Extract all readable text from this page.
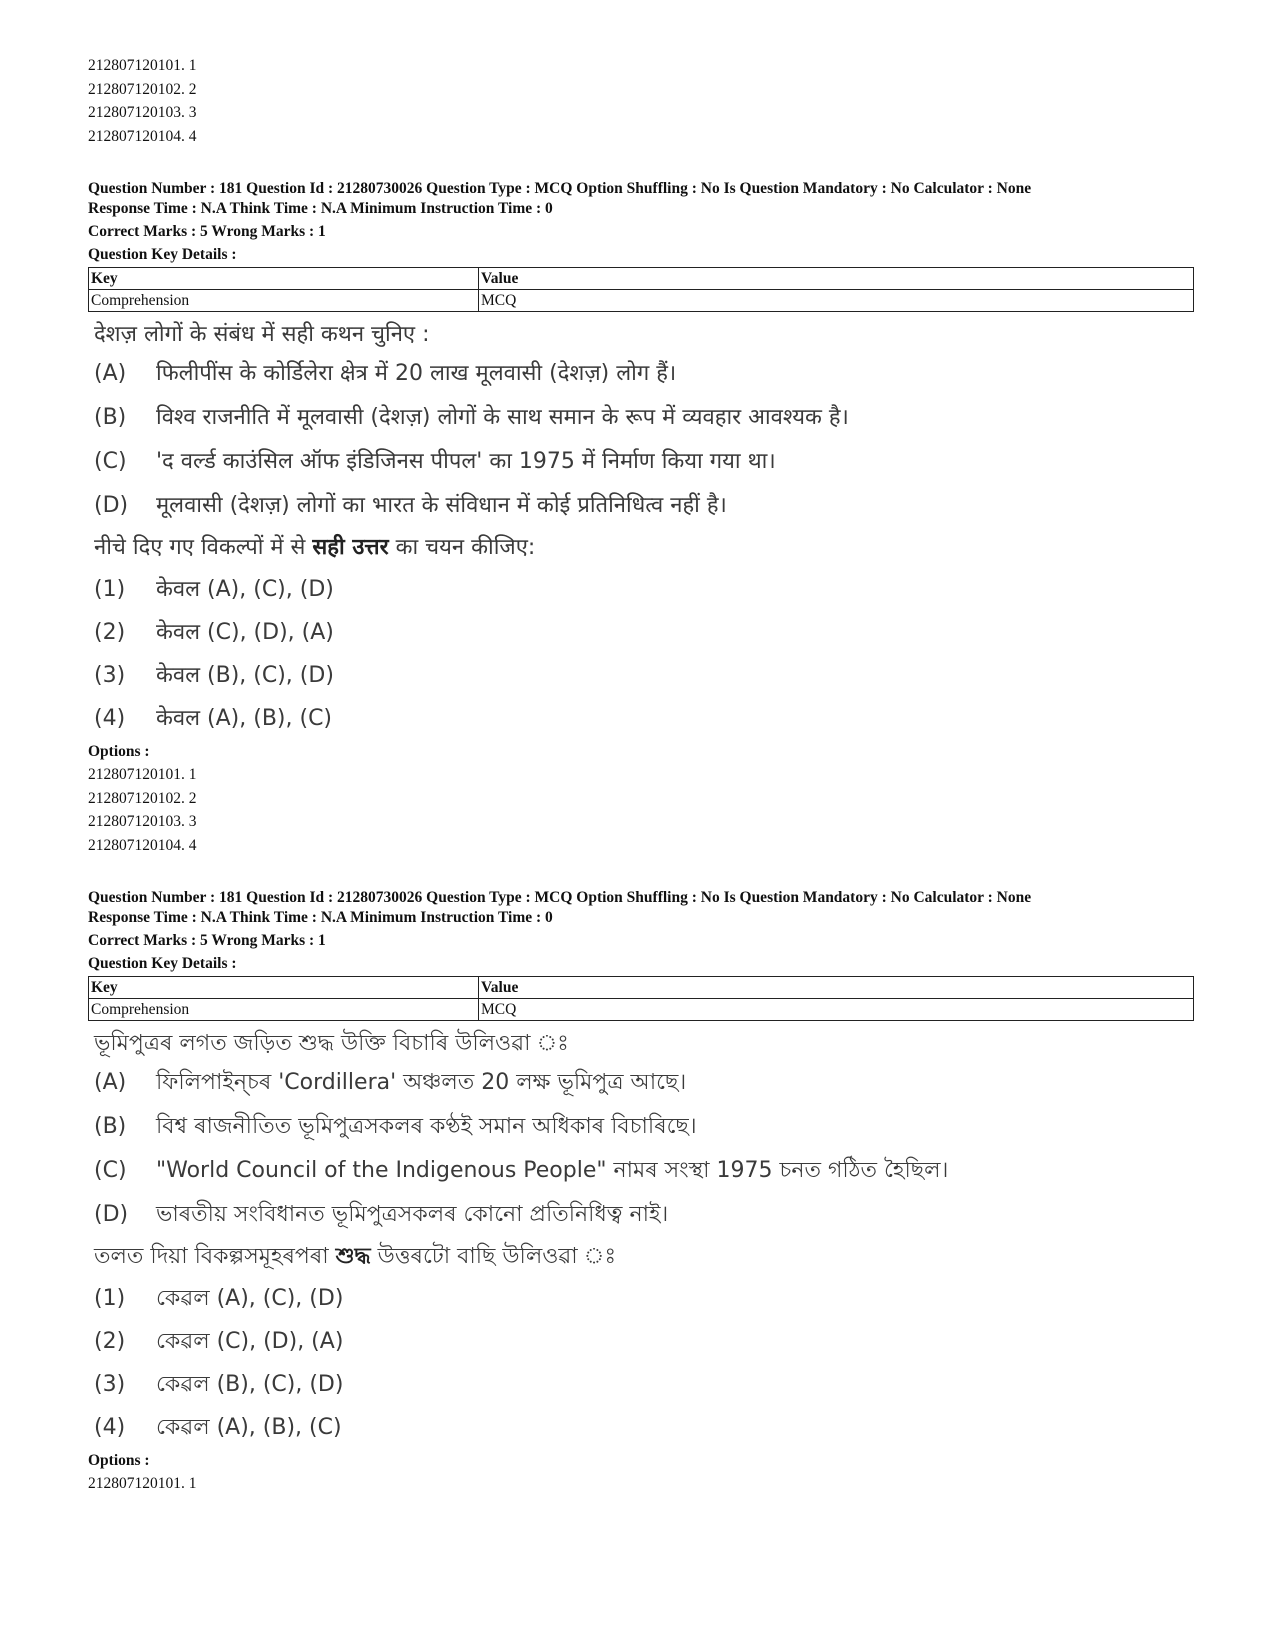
212807120101. 1
212807120102. 2
212807120103. 3
212807120104. 4
Question Number : 181 Question Id : 21280730026 Question Type : MCQ Option Shuffling : No Is Question Mandatory : No Calculator : None
Response Time : N.A Think Time : N.A Minimum Instruction Time : 0
Correct Marks : 5 Wrong Marks : 1
Question Key Details :
Key	Value
Comprehension	MCQ
देशज़ लोगों के संबंध में सही कथन चुनिए :
(A) फिलीपींस के कोर्डिलेरा क्षेत्र में 20 लाख मूलवासी (देशज़) लोग हैं।
(B) विश्व राजनीति में मूलवासी (देशज़) लोगों के साथ समान के रूप में व्यवहार आवश्यक है।
(C) 'द वर्ल्ड काउंसिल ऑफ इंडिजिनस पीपल' का 1975 में निर्माण किया गया था।
(D) मूलवासी (देशज़) लोगों का भारत के संविधान में कोई प्रतिनिधित्व नहीं है।
नीचे दिए गए विकल्पों में से सही उत्तर का चयन कीजिए:
(1) केवल (A), (C), (D)
(2) केवल (C), (D), (A)
(3) केवल (B), (C), (D)
(4) केवल (A), (B), (C)
Options :
212807120101. 1
212807120102. 2
212807120103. 3
212807120104. 4
Question Number : 181 Question Id : 21280730026 Question Type : MCQ Option Shuffling : No Is Question Mandatory : No Calculator : None
Response Time : N.A Think Time : N.A Minimum Instruction Time : 0
Correct Marks : 5 Wrong Marks : 1
Question Key Details :
Key	Value
Comprehension	MCQ
ভূমিপুত্ৰৰ লগত জড়িত শুদ্ধ উক্তি বিচাৰি উলিওৱা ঃ
(A) ফিলিপাইন্‌চৰ 'Cordillera' অঞ্চলত 20 লক্ষ ভূমিপুত্ৰ আছে।
(B) বিশ্ব ৰাজনীতিত ভূমিপুত্ৰসকলৰ কণ্ঠই সমান অধিকাৰ বিচাৰিছে।
(C) "World Council of the Indigenous People" নামৰ সংস্থা 1975 চনত গঠিত হৈছিল।
(D) ভাৰতীয় সংবিধানত ভূমিপুত্ৰসকলৰ কোনো প্ৰতিনিধিত্ব নাই।
তলত দিয়া বিকল্পসমূহৰপৰা শুদ্ধ উত্তৰটো বাছি উলিওৱা ঃ
(1) কেৱল (A), (C), (D)
(2) কেৱল (C), (D), (A)
(3) কেৱল (B), (C), (D)
(4) কেৱল (A), (B), (C)
Options :
212807120101. 1
